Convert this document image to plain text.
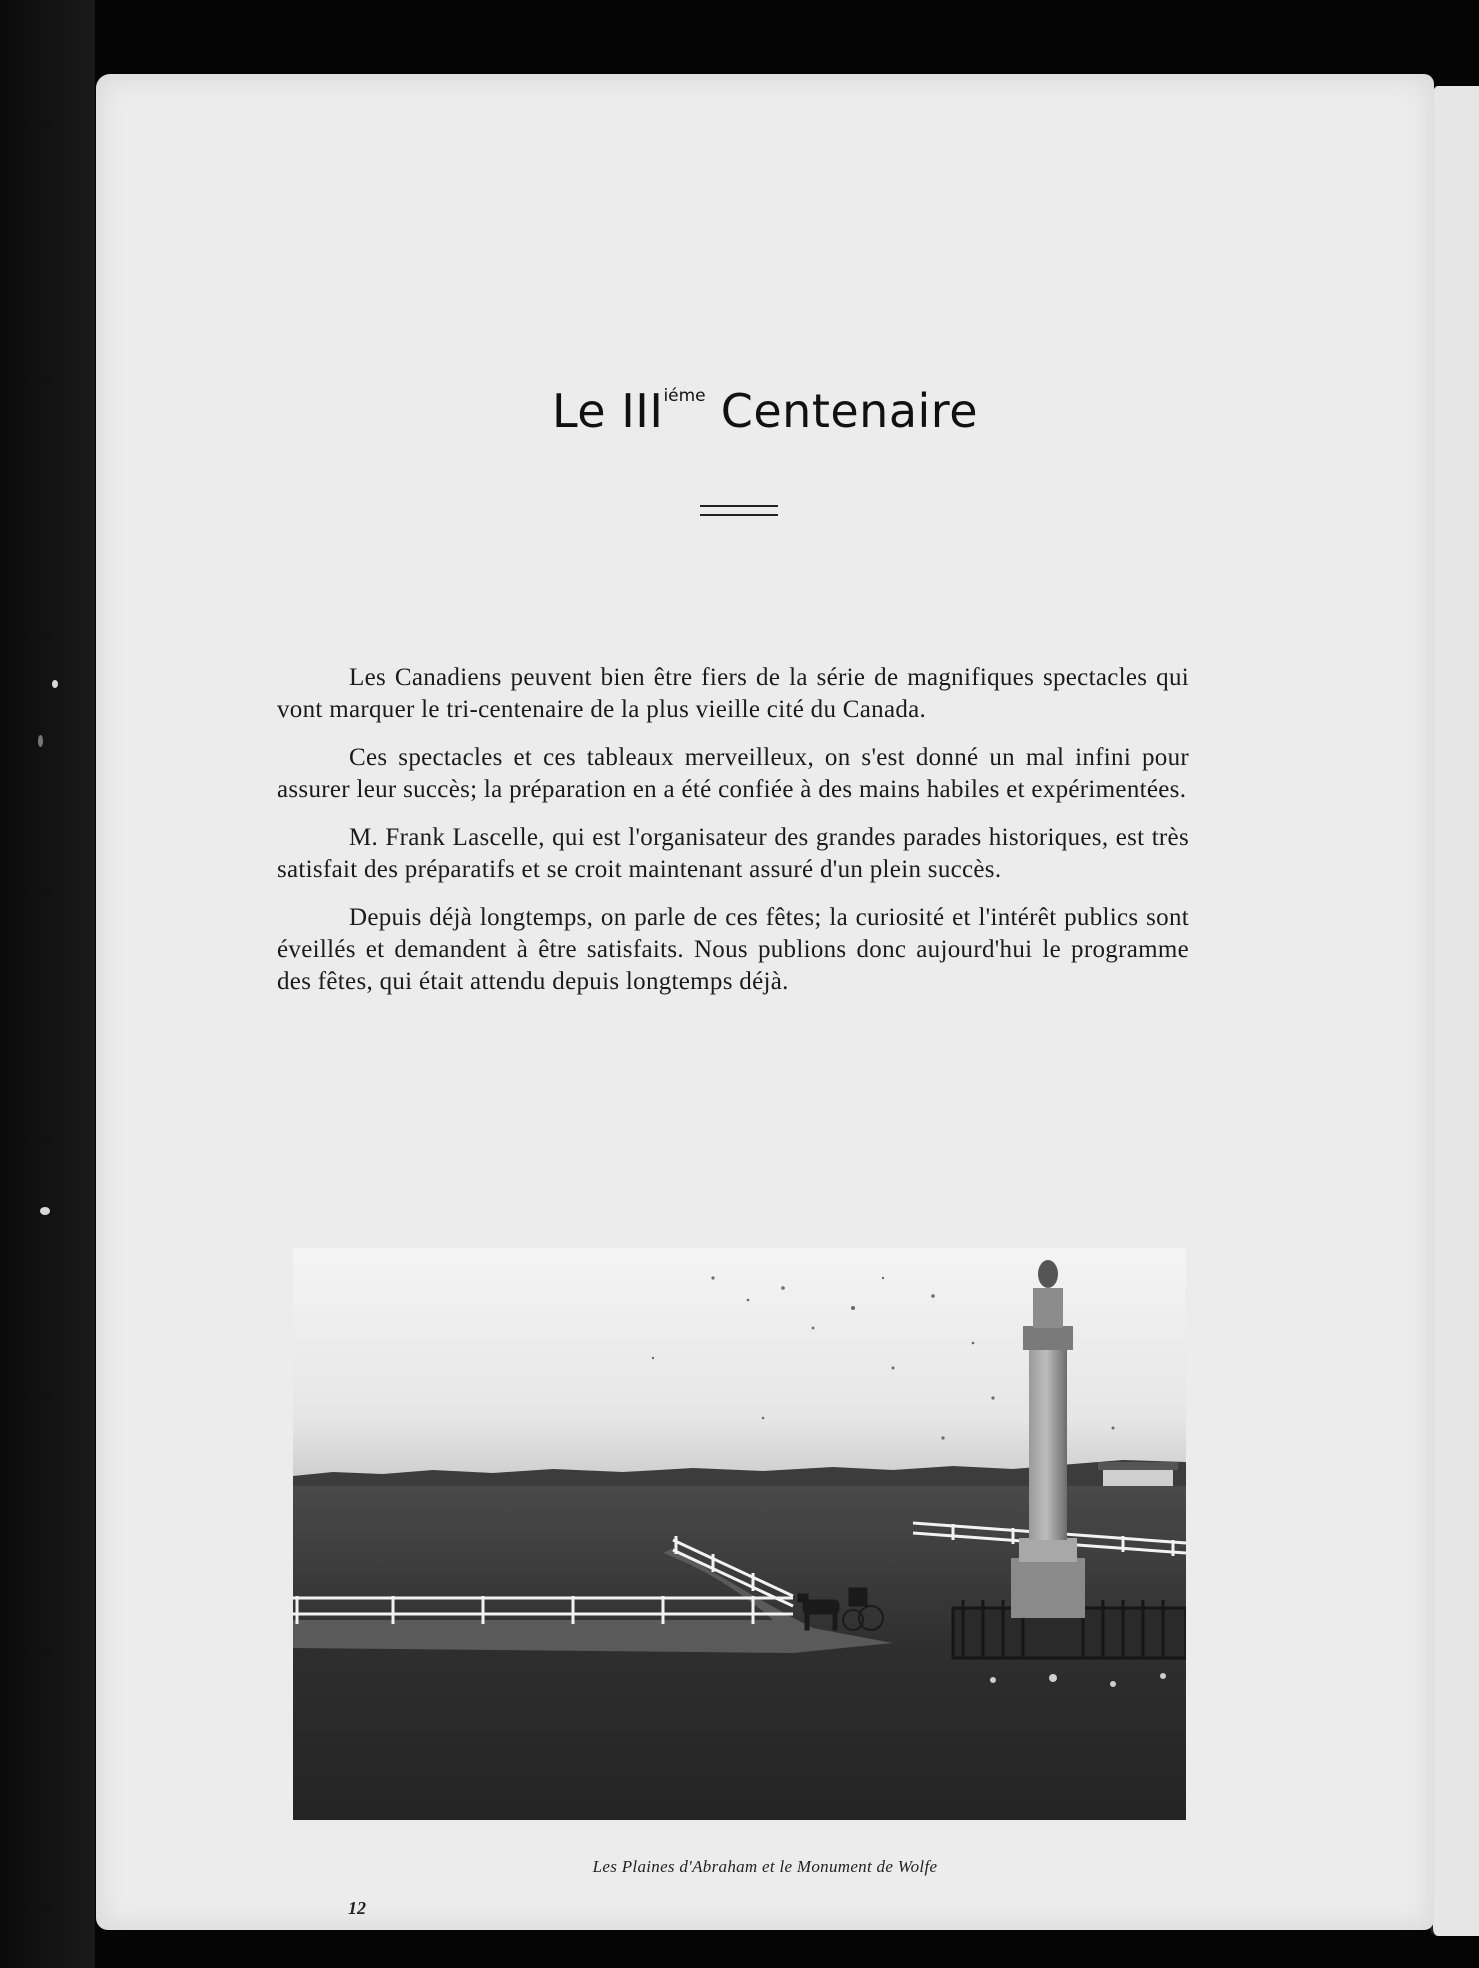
Le $III^{iéme}$ Centenaire

Les Canadiens peuvent bien être fiers de la série de magnifiques spectacles qui vont marquer le tri-centenaire de la plus vieille cité du Canada.

Ces spectacles et ces tableaux merveilleux, on s'est donné un mal infini pour assurer leur succès; la préparation en a été confiée à des mains habiles et expérimentées.

M. Frank Lascelle, qui est l'organisateur des grandes parades historiques, est très satisfait des préparatifs et se croit maintenant assuré d'un plein succès.

Depuis déjà longtemps, on parle de ces fêtes; la curiosité et l'intérêt publics sont éveillés et demandent à être satisfaits. Nous publions donc aujourd'hui le programme des fêtes, qui était attendu depuis longtemps déjà.

Les Plaines d'Abraham et le Monument de Wolfe
12
